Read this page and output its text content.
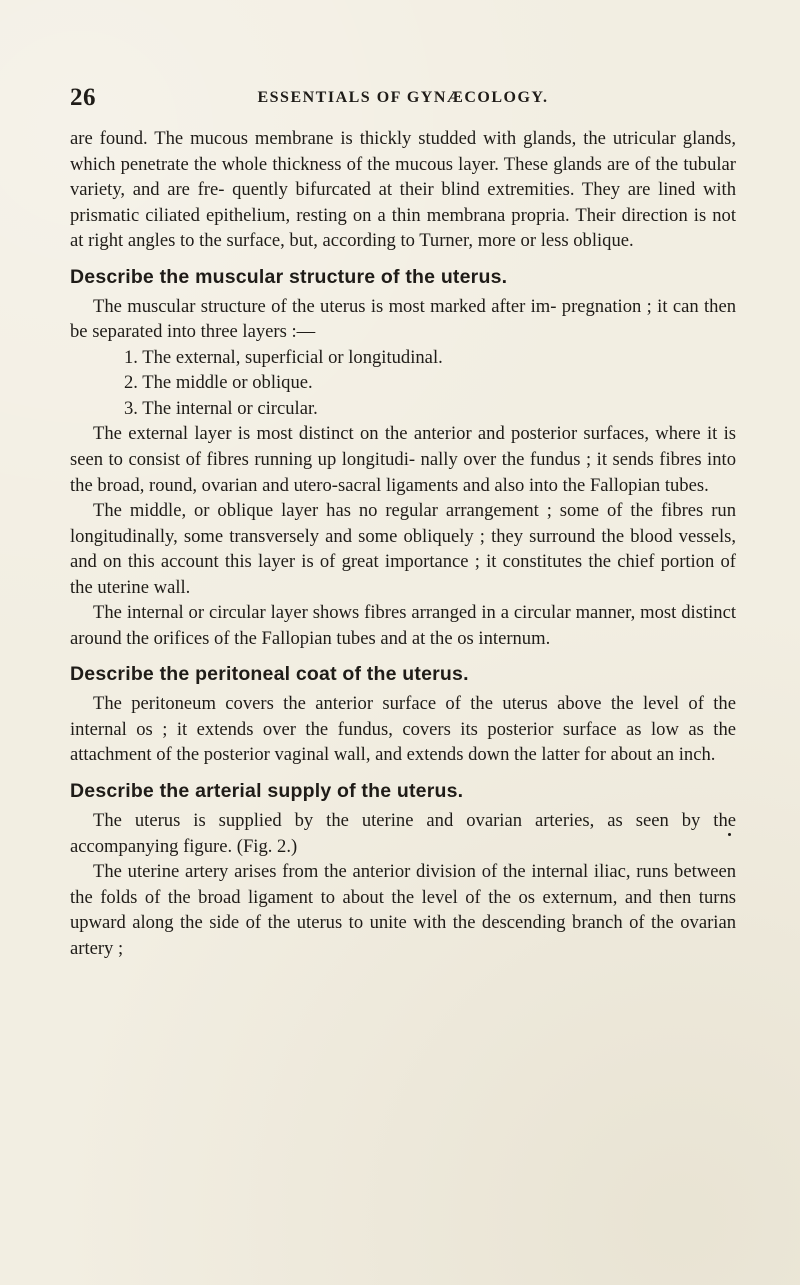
26	ESSENTIALS OF GYNÆCOLOGY.

are found. The mucous membrane is thickly studded with glands, the utricular glands, which penetrate the whole thickness of the mucous layer. These glands are of the tubular variety, and are fre- quently bifurcated at their blind extremities. They are lined with prismatic ciliated epithelium, resting on a thin membrana propria. Their direction is not at right angles to the surface, but, according to Turner, more or less oblique.

Describe the muscular structure of the uterus.

The muscular structure of the uterus is most marked after im- pregnation ; it can then be separated into three layers :—

1. The external, superficial or longitudinal.

2. The middle or oblique.

3. The internal or circular.

The external layer is most distinct on the anterior and posterior surfaces, where it is seen to consist of fibres running up longitudi- nally over the fundus ; it sends fibres into the broad, round, ovarian and utero-sacral ligaments and also into the Fallopian tubes.

The middle, or oblique layer has no regular arrangement ; some of the fibres run longitudinally, some transversely and some obliquely ; they surround the blood vessels, and on this account this layer is of great importance ; it constitutes the chief portion of the uterine wall.

The internal or circular layer shows fibres arranged in a circular manner, most distinct around the orifices of the Fallopian tubes and at the os internum.

Describe the peritoneal coat of the uterus.

The peritoneum covers the anterior surface of the uterus above the level of the internal os ; it extends over the fundus, covers its posterior surface as low as the attachment of the posterior vaginal wall, and extends down the latter for about an inch.

Describe the arterial supply of the uterus.

The uterus is supplied by the uterine and ovarian arteries, as seen by the accompanying figure. (Fig. 2.)

The uterine artery arises from the anterior division of the internal iliac, runs between the folds of the broad ligament to about the level of the os externum, and then turns upward along the side of the uterus to unite with the descending branch of the ovarian artery ;
